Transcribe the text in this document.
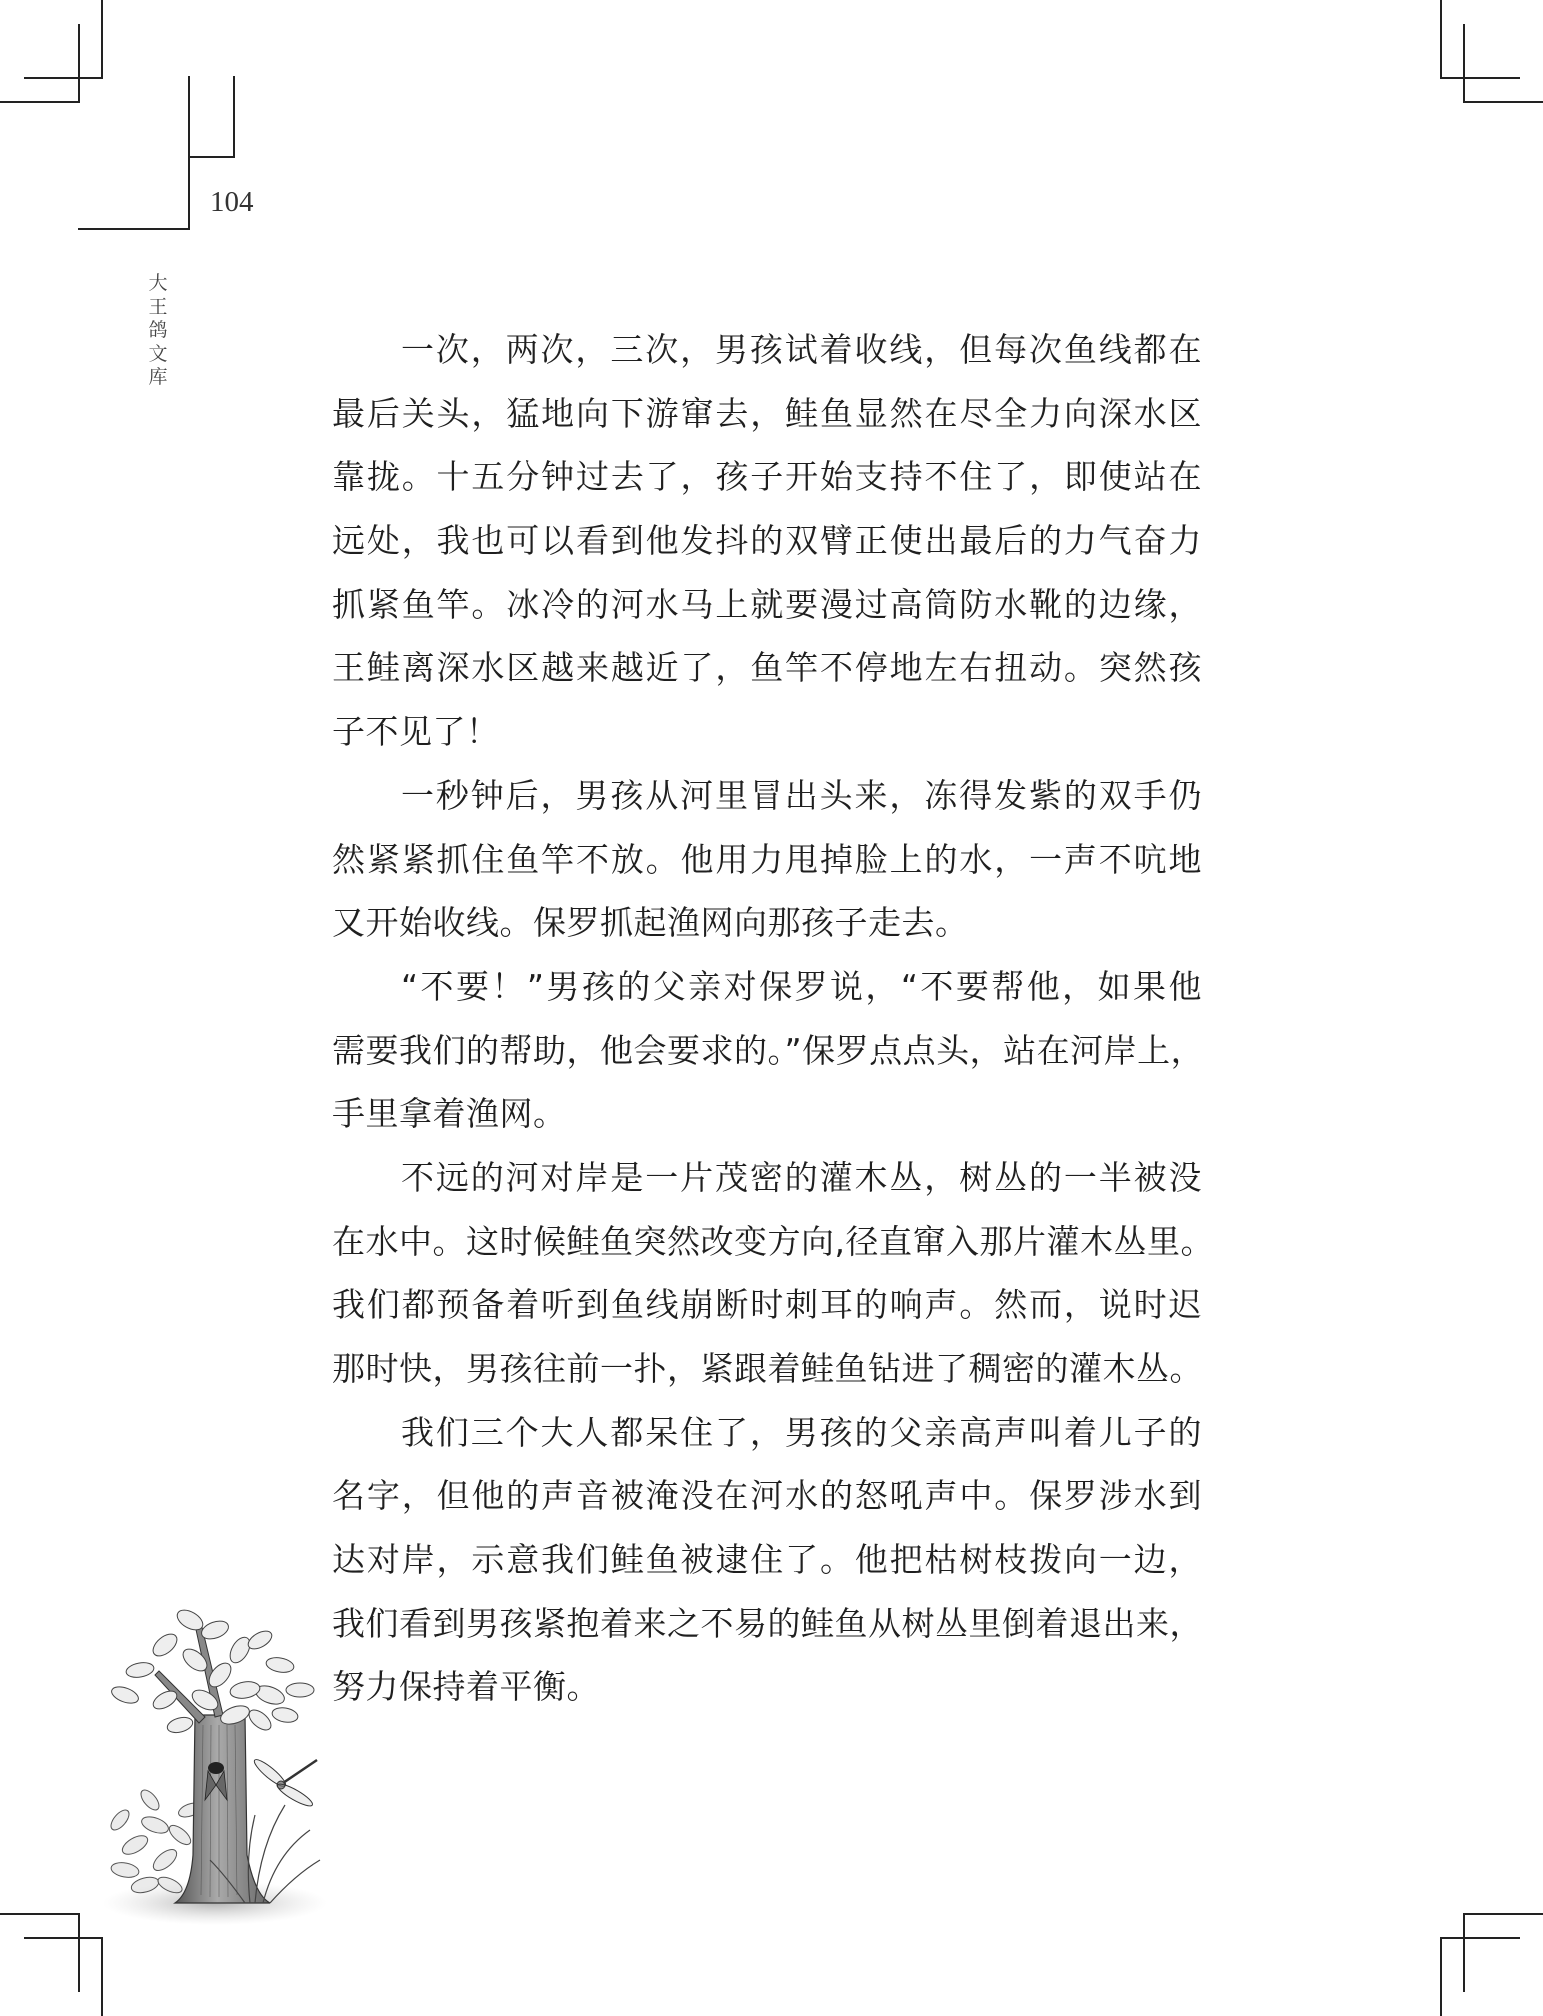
104
大
王
鸽
文
库
一次，两次，三次，男孩试着收线，但每次鱼线都在
最后关头，猛地向下游窜去，鲑鱼显然在尽全力向深水区
靠拢。十五分钟过去了，孩子开始支持不住了，即使站在
远处，我也可以看到他发抖的双臂正使出最后的力气奋力
抓紧鱼竿。冰冷的河水马上就要漫过高筒防水靴的边缘，
王鲑离深水区越来越近了，鱼竿不停地左右扭动。突然孩
子不见了！
一秒钟后，男孩从河里冒出头来，冻得发紫的双手仍
然紧紧抓住鱼竿不放。他用力甩掉脸上的水，一声不吭地
又开始收线。保罗抓起渔网向那孩子走去。
“不要！”男孩的父亲对保罗说，“不要帮他，如果他
需要我们的帮助，他会要求的。”保罗点点头，站在河岸上，
手里拿着渔网。
不远的河对岸是一片茂密的灌木丛，树丛的一半被没
在水中。这时候鲑鱼突然改变方向,径直窜入那片灌木丛里。
我们都预备着听到鱼线崩断时刺耳的响声。然而，说时迟
那时快，男孩往前一扑，紧跟着鲑鱼钻进了稠密的灌木丛。
我们三个大人都呆住了，男孩的父亲高声叫着儿子的
名字，但他的声音被淹没在河水的怒吼声中。保罗涉水到
达对岸，示意我们鲑鱼被逮住了。他把枯树枝拨向一边，
我们看到男孩紧抱着来之不易的鲑鱼从树丛里倒着退出来，
努力保持着平衡。
